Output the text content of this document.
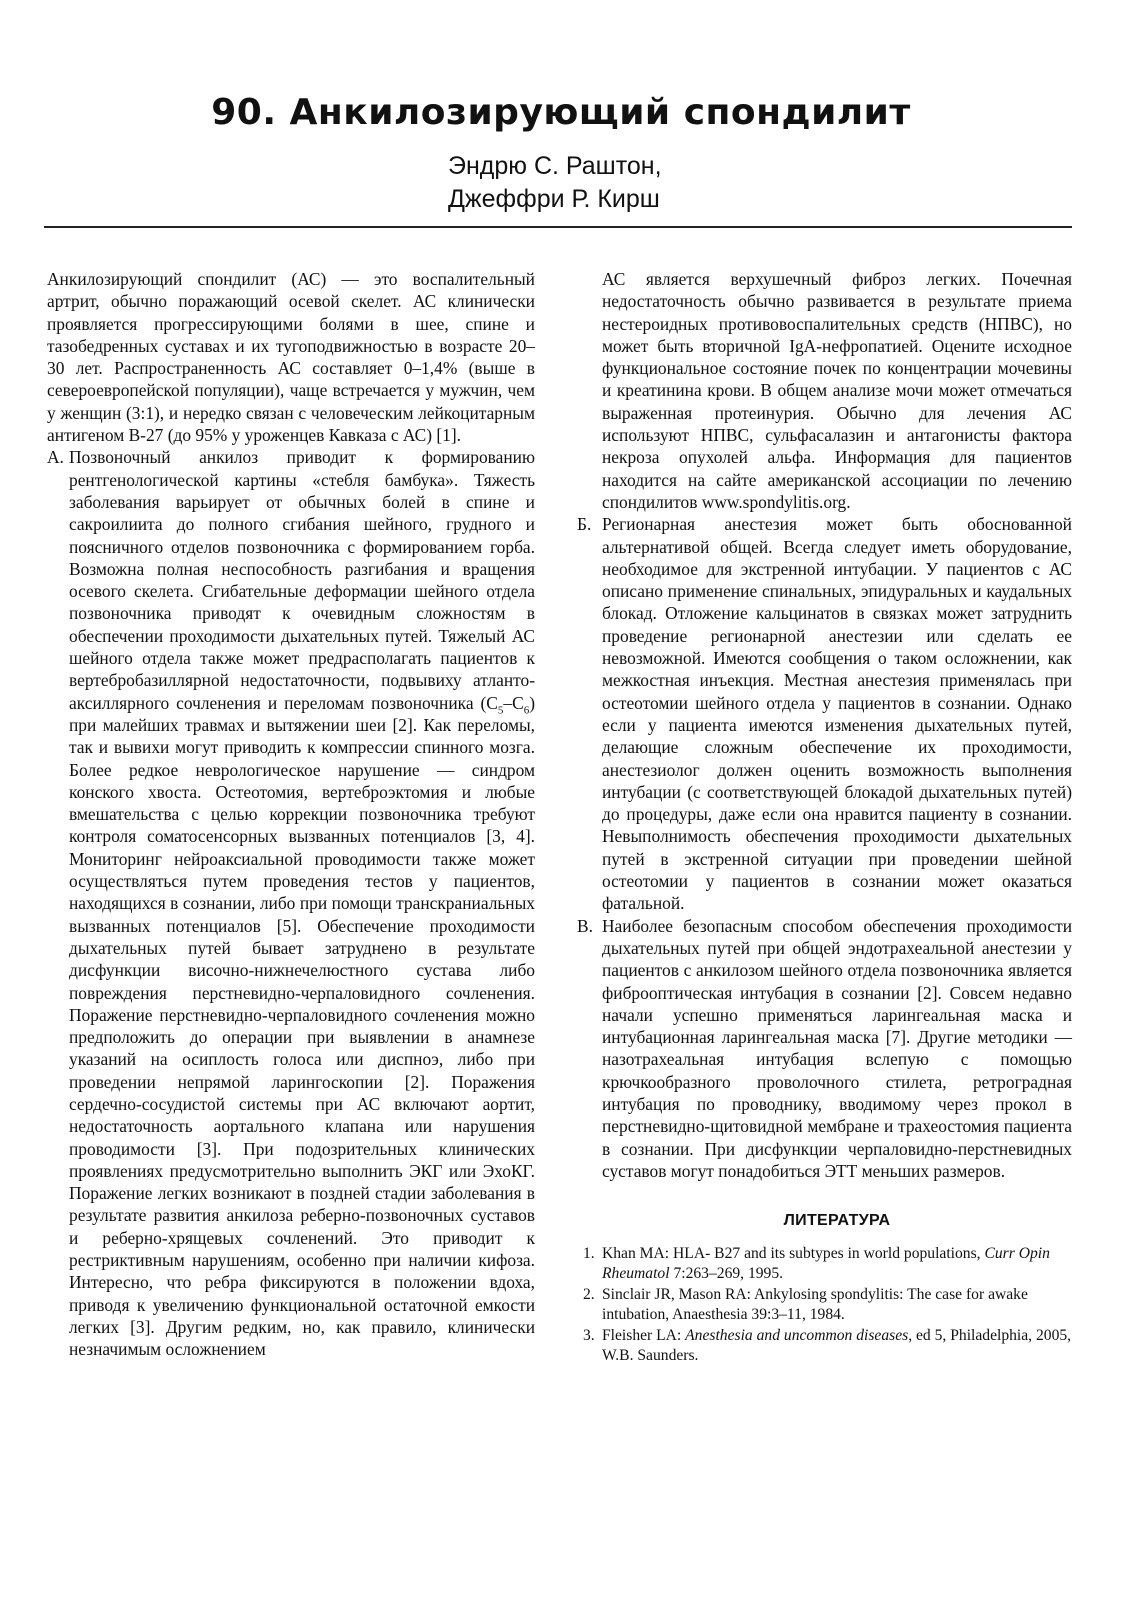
90. Анкилозирующий спондилит
Эндрю С. Раштон,
Джеффри Р. Кирш

Анкилозирующий спондилит (АС) — это воспалительный артрит, обычно поражающий осевой скелет. АС клинически проявляется прогрессирующими болями в шее, спине и тазобедренных суставах и их тугоподвижностью в возрасте 20–30 лет. Распространенность АС составляет 0–1,4% (выше в североевропейской популяции), чаще встречается у мужчин, чем у женщин (3:1), и нередко связан с человеческим лейкоцитарным антигеном В-27 (до 95% у уроженцев Кавказа с АС) [1].

А. Позвоночный анкилоз приводит к формированию рентгенологической картины «стебля бамбука». Тяжесть заболевания варьирует от обычных болей в спине и сакроилиита до полного сгибания шейного, грудного и поясничного отделов позвоночника с формированием горба. Возможна полная неспособность разгибания и вращения осевого скелета. Сгибательные деформации шейного отдела позвоночника приводят к очевидным сложностям в обеспечении проходимости дыхательных путей. Тяжелый АС шейного отдела также может предрасполагать пациентов к вертебробазиллярной недостаточности, подвывиху атланто-аксиллярного сочленения и переломам позвоночника $(C_5-C_6)$ при малейших травмах и вытяжении шеи [2]. Как переломы, так и вывихи могут приводить к компрессии спинного мозга. Более редкое неврологическое нарушение — синдром конского хвоста. Остеотомия, вертеброэктомия и любые вмешательства с целью коррекции позвоночника требуют контроля соматосенсорных вызванных потенциалов [3, 4]. Мониторинг нейроаксиальной проводимости также может осуществляться путем проведения тестов у пациентов, находящихся в сознании, либо при помощи транскраниальных вызванных потенциалов [5]. Обеспечение проходимости дыхательных путей бывает затруднено в результате дисфункции височно-нижнечелюстного сустава либо повреждения перстневидно-черпаловидного сочленения. Поражение перстневидно-черпаловидного сочленения можно предположить до операции при выявлении в анамнезе указаний на осиплость голоса или диспноэ, либо при проведении непрямой ларингоскопии [2]. Поражения сердечно-сосудистой системы при АС включают аортит, недостаточность аортального клапана или нарушения проводимости [3]. При подозрительных клинических проявлениях предусмотрительно выполнить ЭКГ или ЭхоКГ. Поражение легких возникают в поздней стадии заболевания в результате развития анкилоза реберно-позвоночных суставов и реберно-хрящевых сочленений. Это приводит к рестриктивным нарушениям, особенно при наличии кифоза. Интересно, что ребра фиксируются в положении вдоха, приводя к увеличению функциональной остаточной емкости легких [3]. Другим редким, но, как правило, клинически незначимым осложнением

АС является верхушечный фиброз легких. Почечная недостаточность обычно развивается в результате приема нестероидных противовоспалительных средств (НПВС), но может быть вторичной IgA-нефропатией. Оцените исходное функциональное состояние почек по концентрации мочевины и креатинина крови. В общем анализе мочи может отмечаться выраженная протеинурия. Обычно для лечения АС используют НПВС, сульфасалазин и антагонисты фактора некроза опухолей альфа. Информация для пациентов находится на сайте американской ассоциации по лечению спондилитов www.spondylitis.org.

Б. Регионарная анестезия может быть обоснованной альтернативой общей. Всегда следует иметь оборудование, необходимое для экстренной интубации. У пациентов с АС описано применение спинальных, эпидуральных и каудальных блокад. Отложение кальцинатов в связках может затруднить проведение регионарной анестезии или сделать ее невозможной. Имеются сообщения о таком осложнении, как межкостная инъекция. Местная анестезия применялась при остеотомии шейного отдела у пациентов в сознании. Однако если у пациента имеются изменения дыхательных путей, делающие сложным обеспечение их проходимости, анестезиолог должен оценить возможность выполнения интубации (с соответствующей блокадой дыхательных путей) до процедуры, даже если она нравится пациенту в сознании. Невыполнимость обеспечения проходимости дыхательных путей в экстренной ситуации при проведении шейной остеотомии у пациентов в сознании может оказаться фатальной.
В. Наиболее безопасным способом обеспечения проходимости дыхательных путей при общей эндотрахеальной анестезии у пациентов с анкилозом шейного отдела позвоночника является фиброоптическая интубация в сознании [2]. Совсем недавно начали успешно применяться ларингеальная маска и интубационная ларингеальная маска [7]. Другие методики — назотрахеальная интубация вслепую с помощью крючкообразного проволочного стилета, ретроградная интубация по проводнику, вводимому через прокол в перстневидно-щитовидной мембране и трахеостомия пациента в сознании. При дисфункции черпаловидно-перстневидных суставов могут понадобиться ЭТТ меньших размеров.
ЛИТЕРАТУРА
1. Khan MA: HLA- B27 and its subtypes in world populations, Curr Opin Rheumatol 7:263–269, 1995.
2. Sinclair JR, Mason RA: Ankylosing spondylitis: The case for awake intubation, Anaesthesia 39:3–11, 1984.
3. Fleisher LA: Anesthesia and uncommon diseases, ed 5, Philadelphia, 2005, W.B. Saunders.
